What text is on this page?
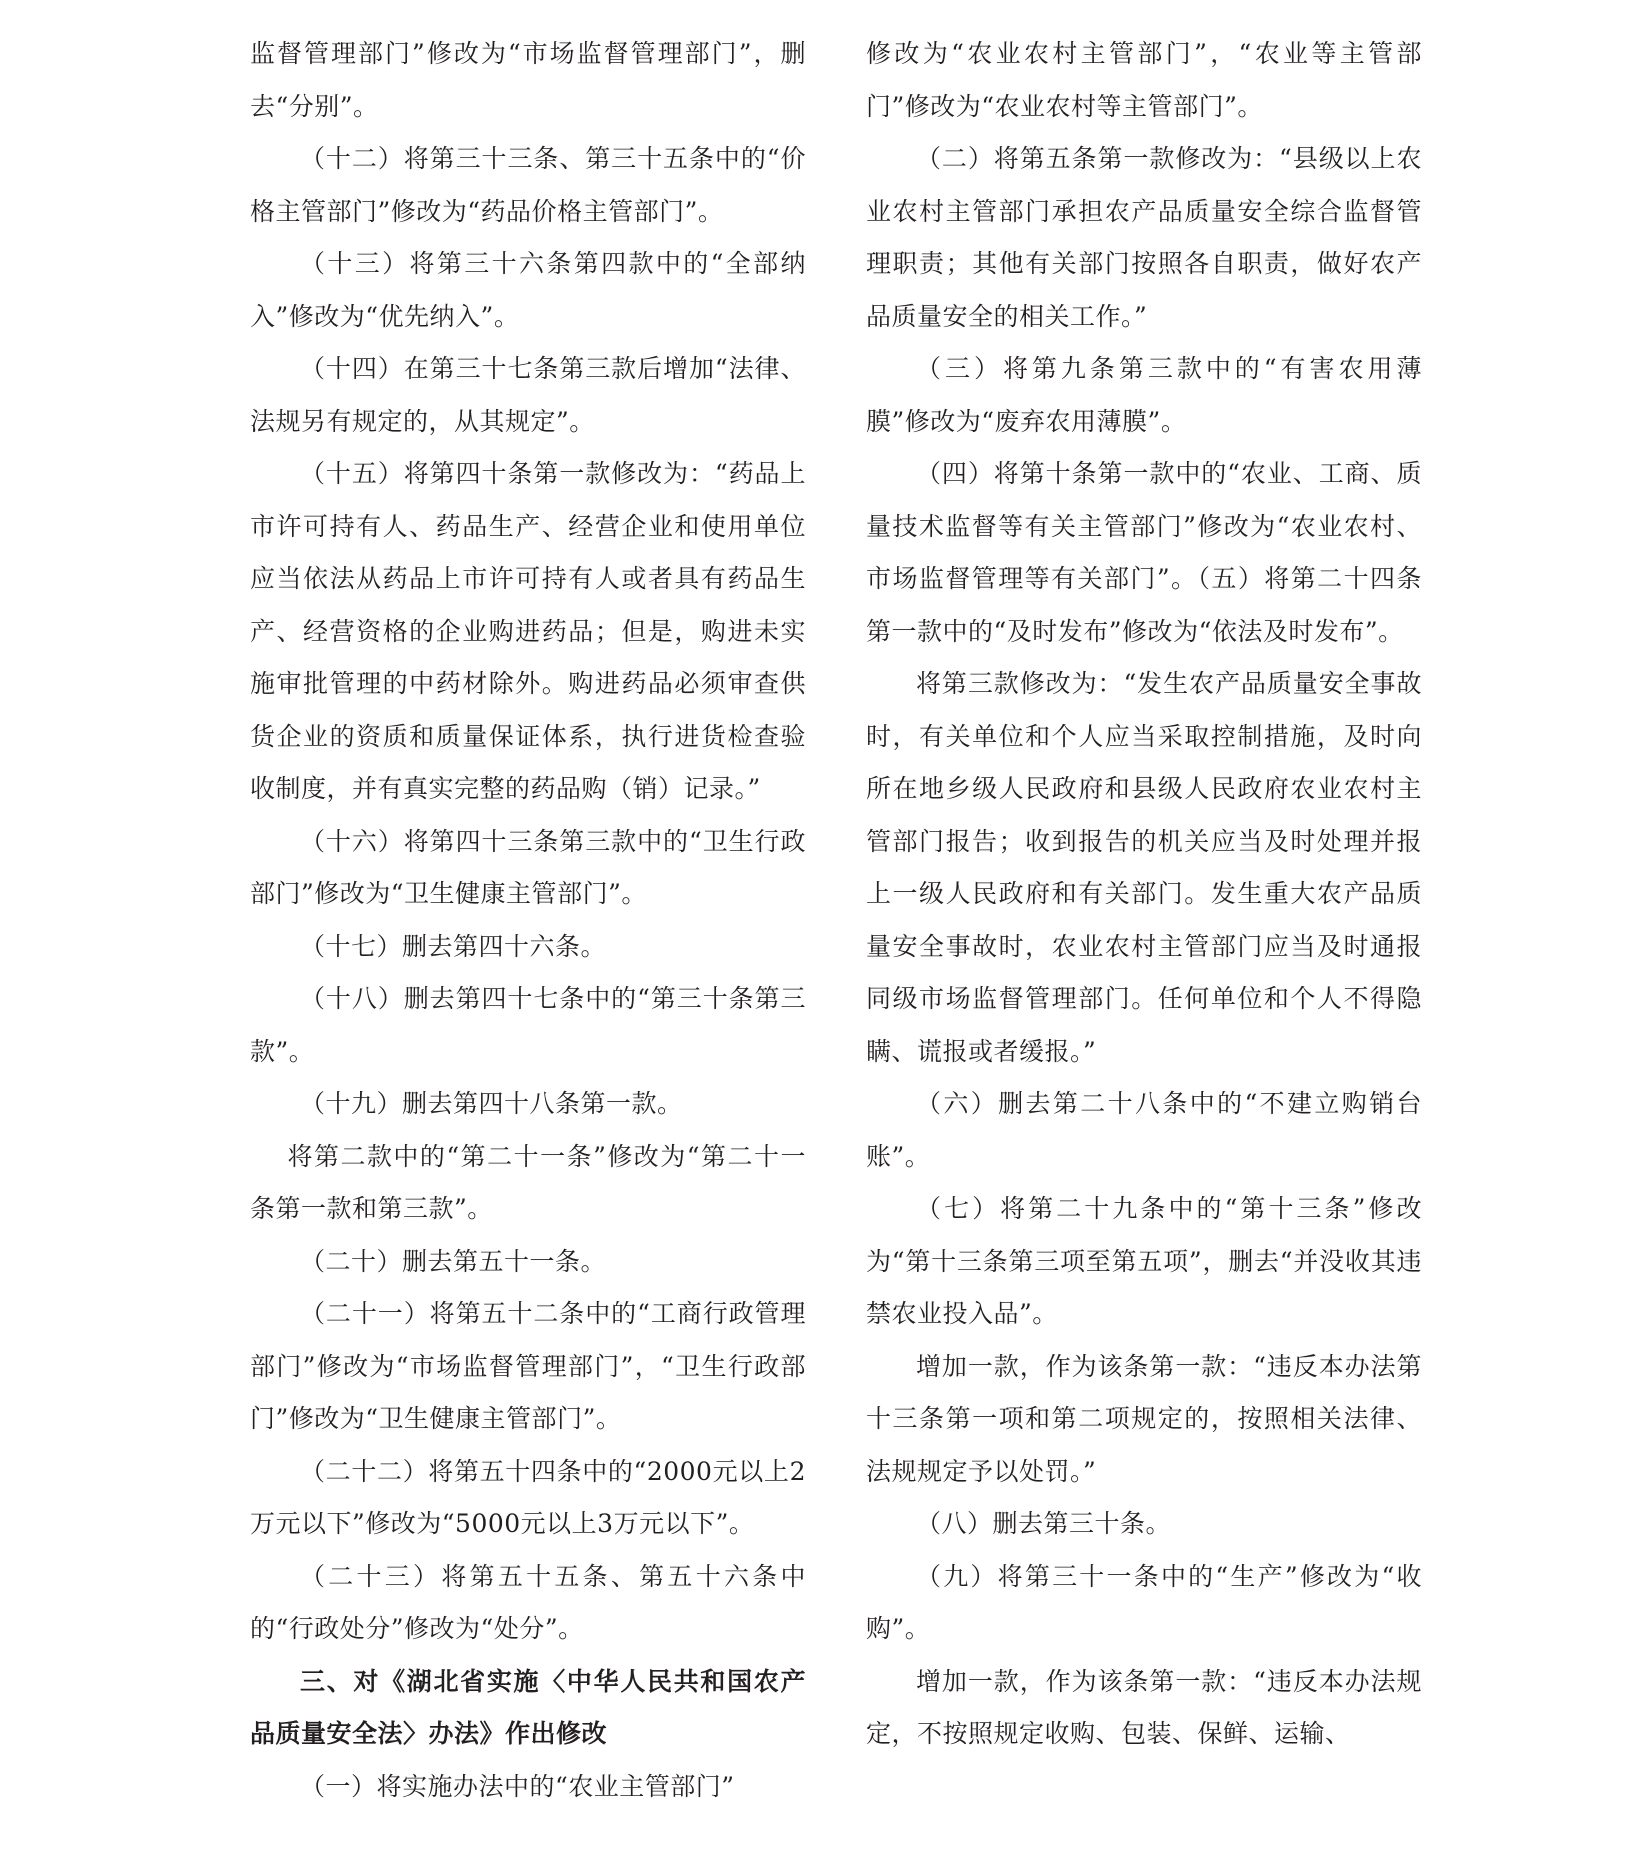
监督管理部门”修改为“市场监督管理部门”，删去“分别”。

（十二）将第三十三条、第三十五条中的“价格主管部门”修改为“药品价格主管部门”。

（十三）将第三十六条第四款中的“全部纳入”修改为“优先纳入”。

（十四）在第三十七条第三款后增加“法律、法规另有规定的，从其规定”。

（十五）将第四十条第一款修改为：“药品上市许可持有人、药品生产、经营企业和使用单位应当依法从药品上市许可持有人或者具有药品生产、经营资格的企业购进药品；但是，购进未实施审批管理的中药材除外。购进药品必须审查供货企业的资质和质量保证体系，执行进货检查验收制度，并有真实完整的药品购（销）记录。”

（十六）将第四十三条第三款中的“卫生行政部门”修改为“卫生健康主管部门”。

（十七）删去第四十六条。

（十八）删去第四十七条中的“第三十条第三款”。

（十九）删去第四十八条第一款。

将第二款中的“第二十一条”修改为“第二十一条第一款和第三款”。

（二十）删去第五十一条。

（二十一）将第五十二条中的“工商行政管理部门”修改为“市场监督管理部门”，“卫生行政部门”修改为“卫生健康主管部门”。

（二十二）将第五十四条中的“2000元以上2万元以下”修改为“5000元以上3万元以下”。

（二十三）将第五十五条、第五十六条中的“行政处分”修改为“处分”。

三、对《湖北省实施〈中华人民共和国农产品质量安全法〉办法》作出修改

（一）将实施办法中的“农业主管部门”

修改为“农业农村主管部门”，“农业等主管部门”修改为“农业农村等主管部门”。

（二）将第五条第一款修改为：“县级以上农业农村主管部门承担农产品质量安全综合监督管理职责；其他有关部门按照各自职责，做好农产品质量安全的相关工作。”

（三）将第九条第三款中的“有害农用薄膜”修改为“废弃农用薄膜”。

（四）将第十条第一款中的“农业、工商、质量技术监督等有关主管部门”修改为“农业农村、市场监督管理等有关部门”。（五）将第二十四条第一款中的“及时发布”修改为“依法及时发布”。

将第三款修改为：“发生农产品质量安全事故时，有关单位和个人应当采取控制措施，及时向所在地乡级人民政府和县级人民政府农业农村主管部门报告；收到报告的机关应当及时处理并报上一级人民政府和有关部门。发生重大农产品质量安全事故时，农业农村主管部门应当及时通报同级市场监督管理部门。任何单位和个人不得隐瞒、谎报或者缓报。”

（六）删去第二十八条中的“不建立购销台账”。

（七）将第二十九条中的“第十三条”修改为“第十三条第三项至第五项”，删去“并没收其违禁农业投入品”。

增加一款，作为该条第一款：“违反本办法第十三条第一项和第二项规定的，按照相关法律、法规规定予以处罚。”

（八）删去第三十条。

（九）将第三十一条中的“生产”修改为“收购”。

增加一款，作为该条第一款：“违反本办法规定，不按照规定收购、包装、保鲜、运输、
